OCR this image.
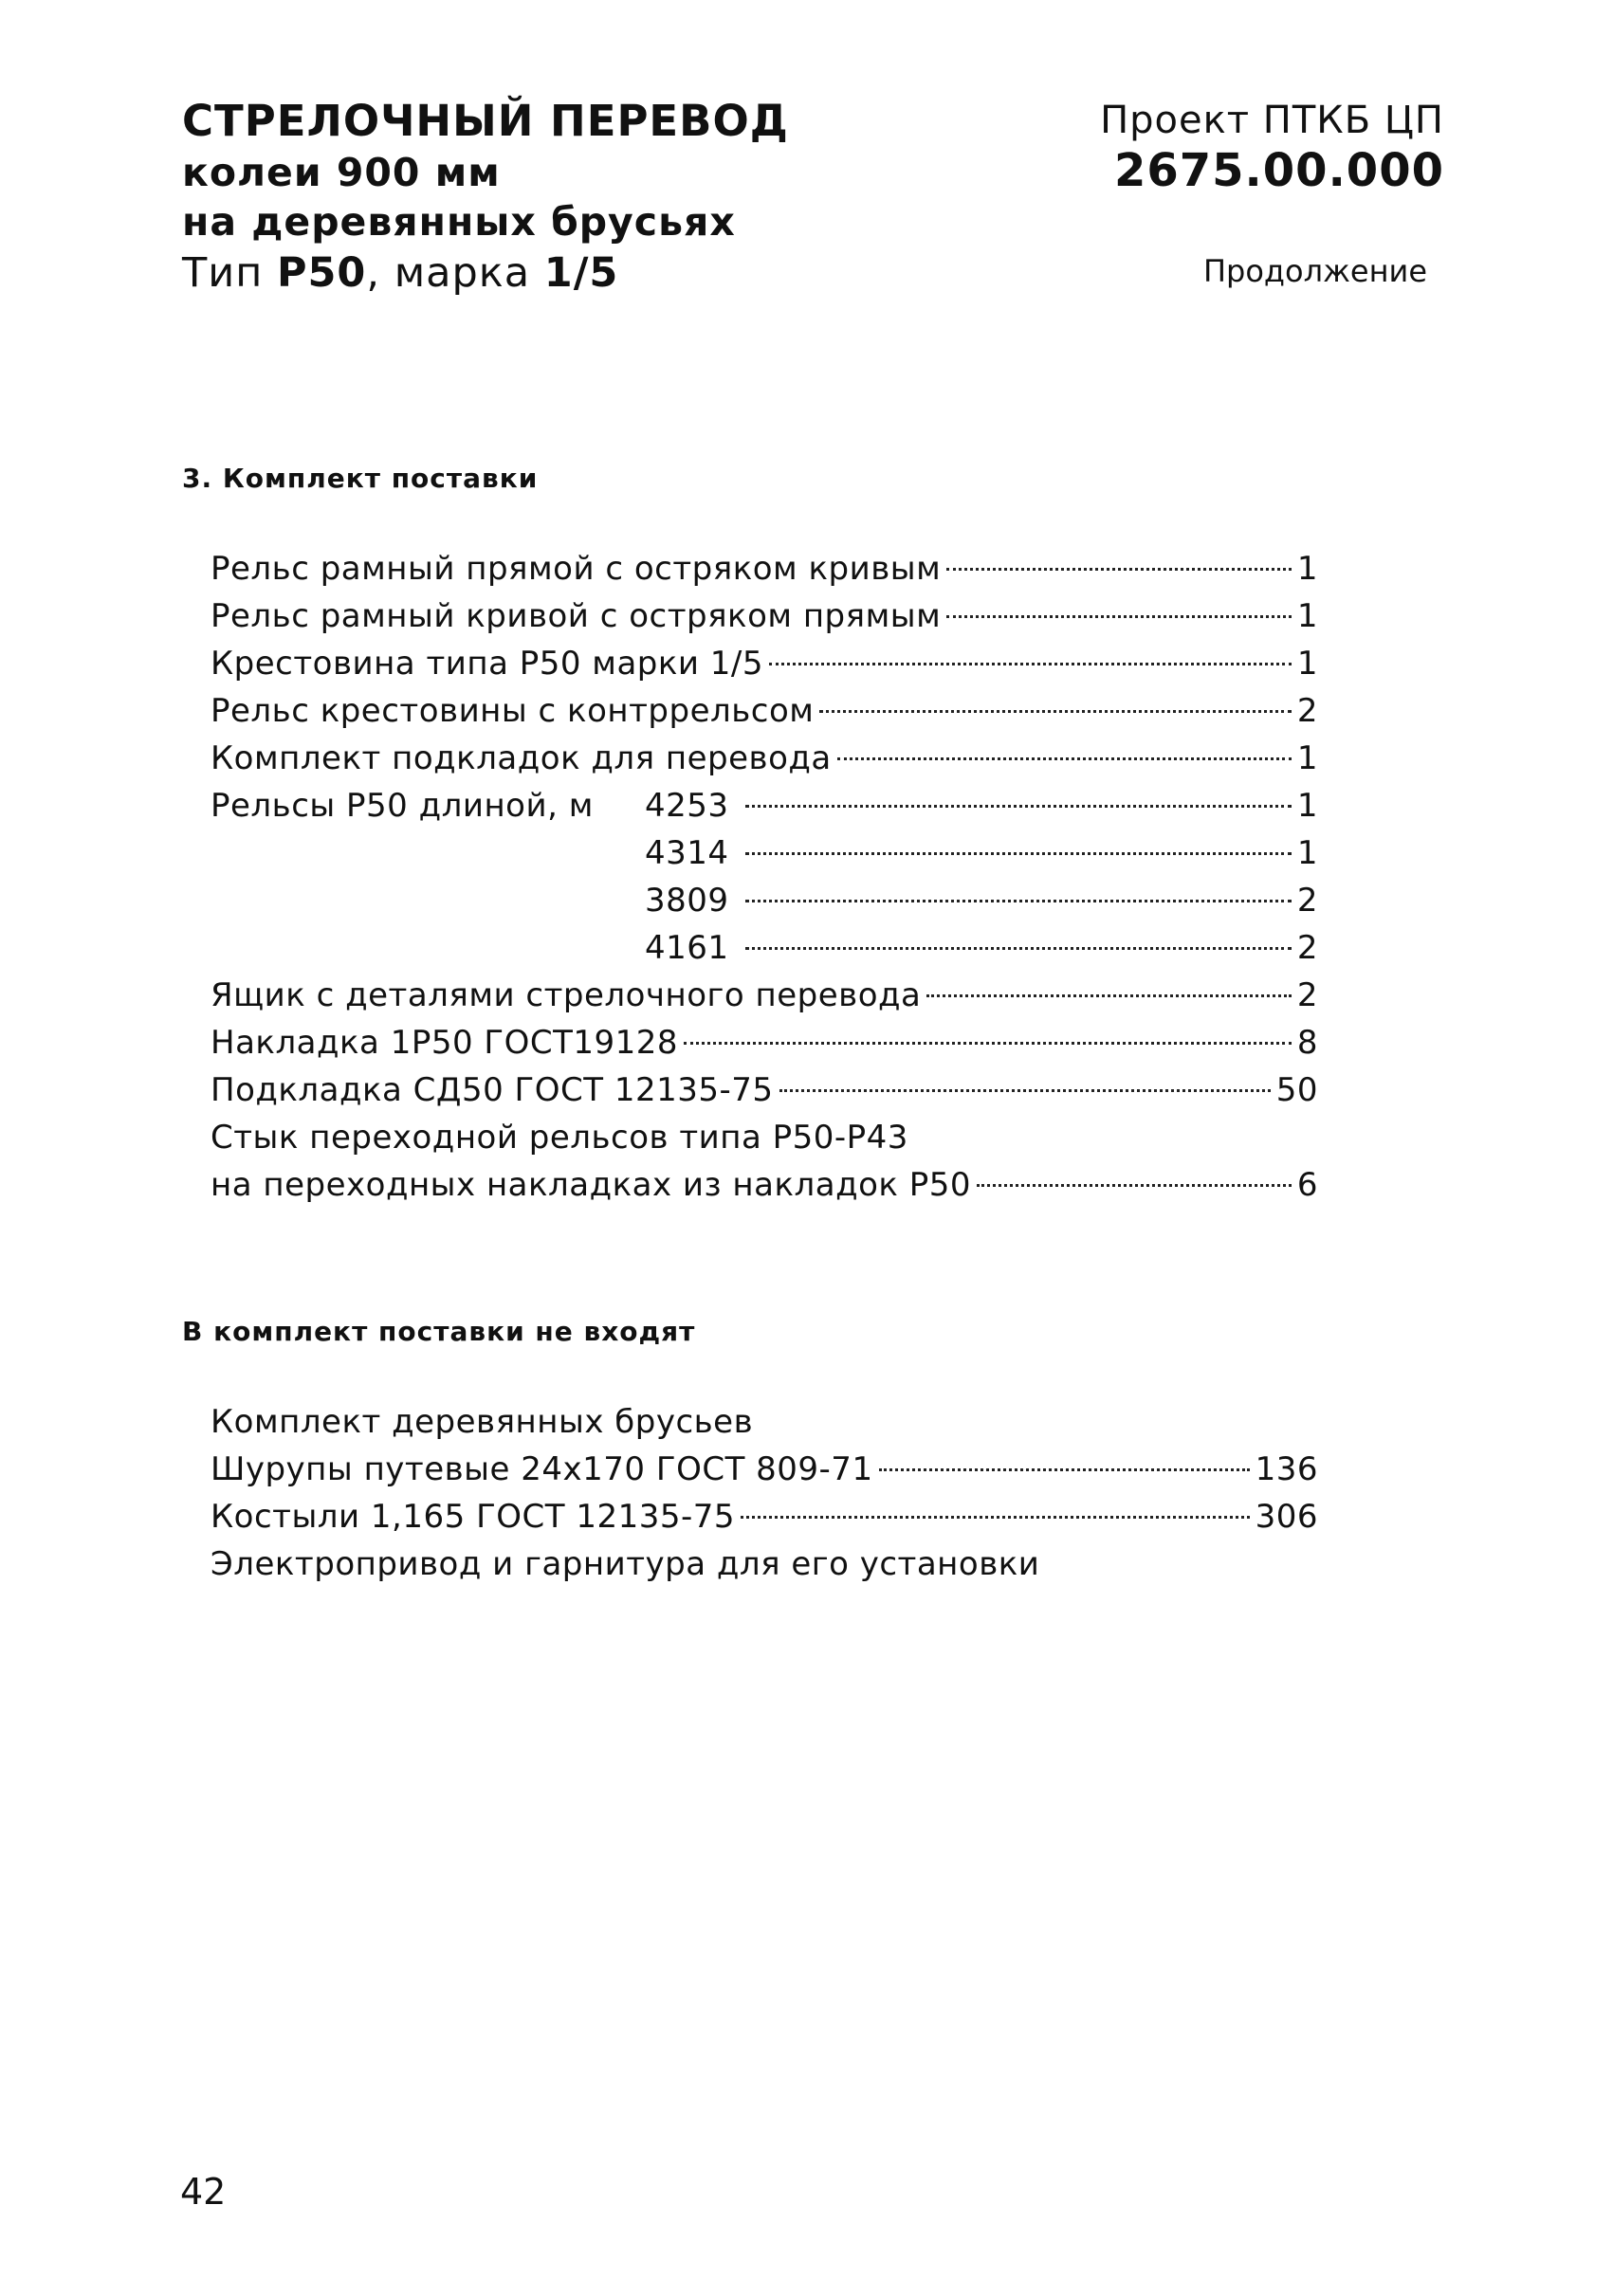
СТРЕЛОЧНЫЙ ПЕРЕВОД
колеи 900 мм
на деревянных брусьях
Тип Р50, марка 1/5
Проект ПТКБ ЦП
2675.00.000
Продолжение
3. Комплект поставки
Рельс рамный прямой с остряком кривым	1
Рельс рамный кривой с остряком прямым	1
Крестовина типа Р50 марки 1/5	1
Рельс крестовины с контррельсом	2
Комплект подкладок для перевода	1
Рельсы Р50 длиной, м	4253	1
4314	1
3809	2
4161	2
Ящик с деталями стрелочного перевода	2
Накладка 1Р50 ГОСТ19128	8
Подкладка СД50 ГОСТ 12135-75	50
Стык переходной рельсов типа Р50-Р43
на переходных накладках из накладок Р50	6
В комплект поставки не входят
Комплект деревянных брусьев
Шурупы путевые 24х170 ГОСТ 809-71	136
Костыли 1,165 ГОСТ 12135-75	306
Электропривод и гарнитура для его установки
42
